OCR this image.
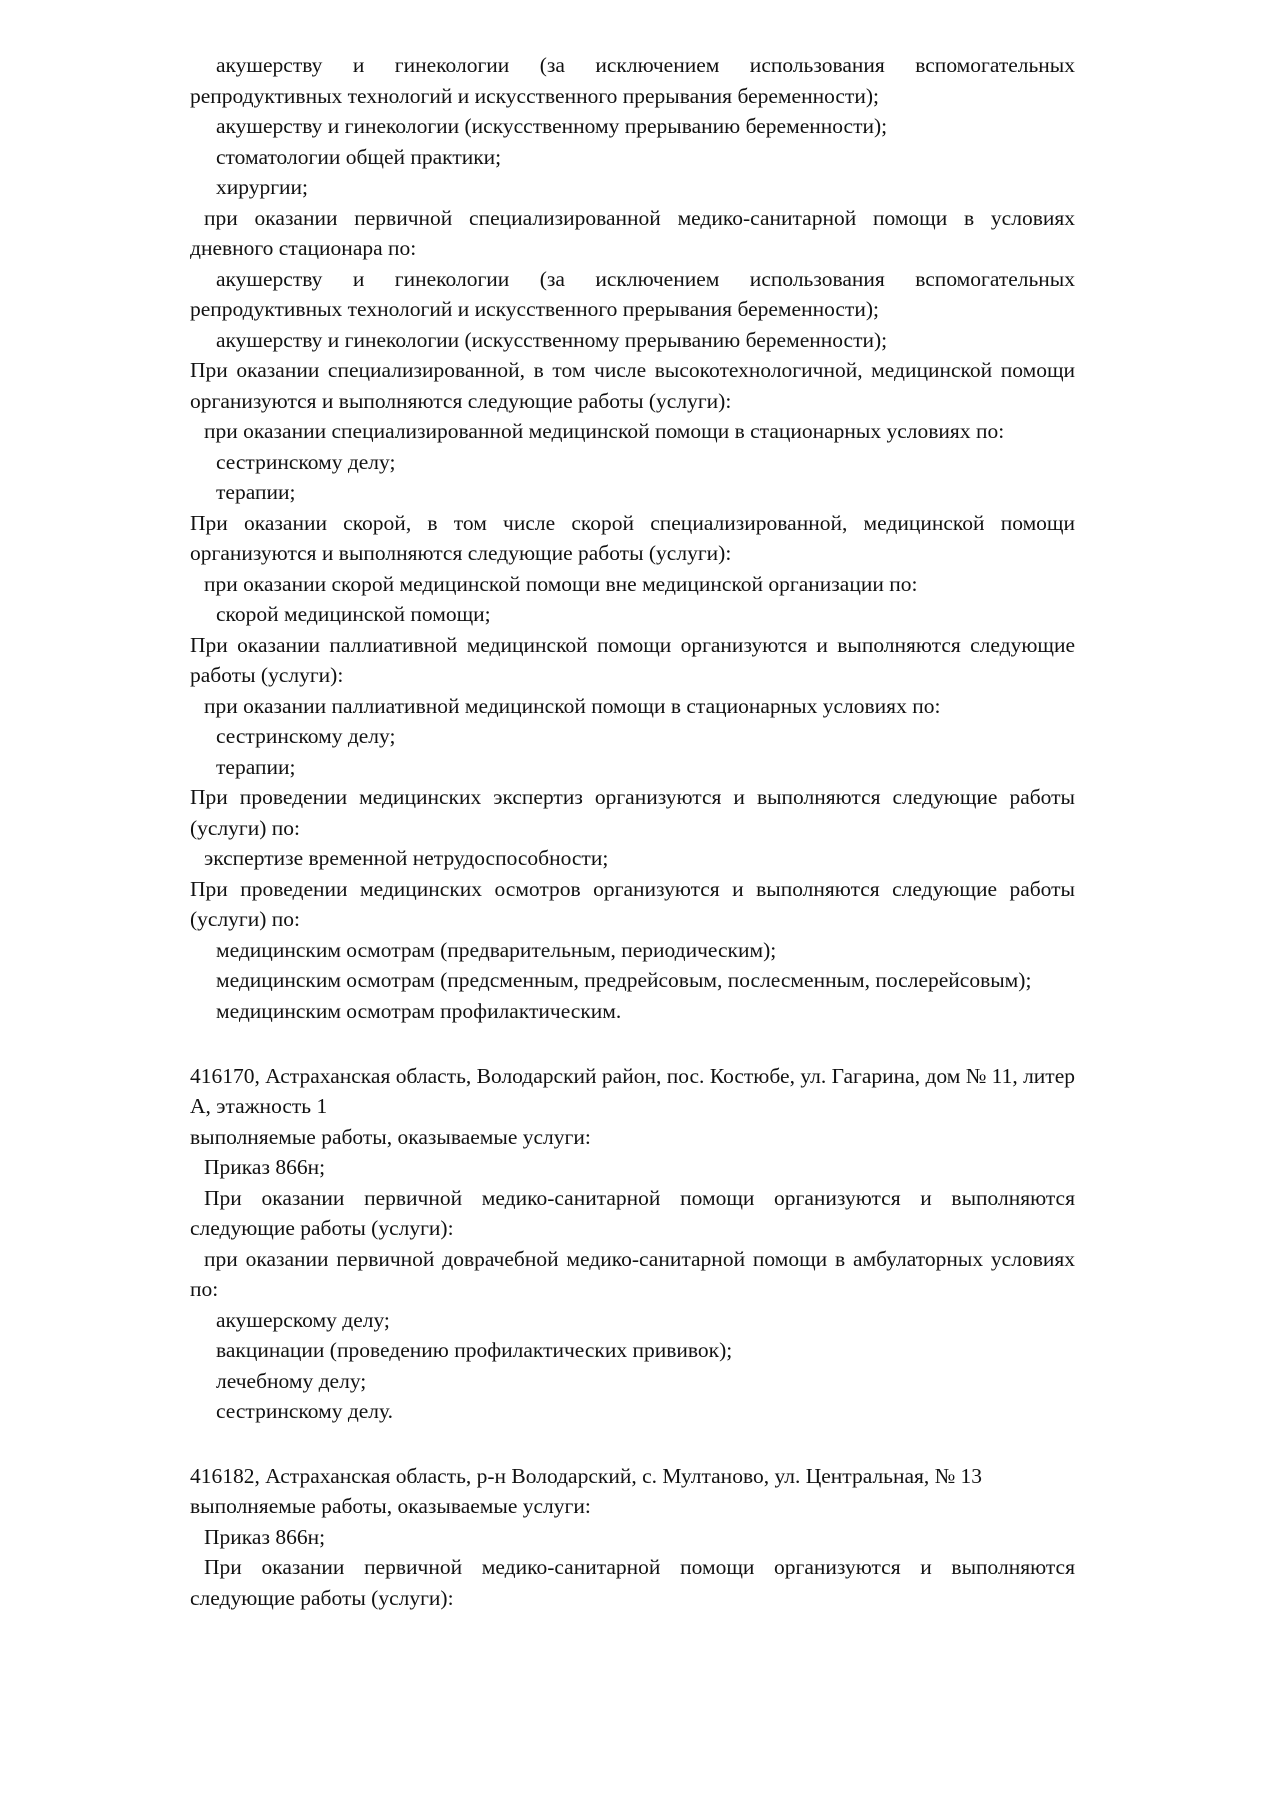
акушерству и гинекологии (за исключением использования вспомогательных репродуктивных технологий и искусственного прерывания беременности);

акушерству и гинекологии (искусственному прерыванию беременности);

стоматологии общей практики;

хирургии;

при оказании первичной специализированной медико-санитарной помощи в условиях дневного стационара по:

акушерству и гинекологии (за исключением использования вспомогательных репродуктивных технологий и искусственного прерывания беременности);

акушерству и гинекологии (искусственному прерыванию беременности);

При оказании специализированной, в том числе высокотехнологичной, медицинской помощи организуются и выполняются следующие работы (услуги):

при оказании специализированной медицинской помощи в стационарных условиях по:

сестринскому делу;

терапии;

При оказании скорой, в том числе скорой специализированной, медицинской помощи организуются и выполняются следующие работы (услуги):

при оказании скорой медицинской помощи вне медицинской организации по:

скорой медицинской помощи;

При оказании паллиативной медицинской помощи организуются и выполняются следующие работы (услуги):

при оказании паллиативной медицинской помощи в стационарных условиях по:

сестринскому делу;

терапии;

При проведении медицинских экспертиз организуются и выполняются следующие работы (услуги) по:

экспертизе временной нетрудоспособности;

При проведении медицинских осмотров организуются и выполняются следующие работы (услуги) по:

медицинским осмотрам (предварительным, периодическим);

медицинским осмотрам (предсменным, предрейсовым, послесменным, послерейсовым);

медицинским осмотрам профилактическим.

416170, Астраханская область, Володарский район, пос. Костюбе, ул. Гагарина, дом № 11, литер А, этажность 1

выполняемые работы, оказываемые услуги:

Приказ 866н;

При оказании первичной медико-санитарной помощи организуются и выполняются следующие работы (услуги):

при оказании первичной доврачебной медико-санитарной помощи в амбулаторных условиях по:

акушерскому делу;

вакцинации (проведению профилактических прививок);

лечебному делу;

сестринскому делу.

416182, Астраханская область, р-н Володарский, с. Мултаново, ул. Центральная, № 13

выполняемые работы, оказываемые услуги:

Приказ 866н;

При оказании первичной медико-санитарной помощи организуются и выполняются следующие работы (услуги):
